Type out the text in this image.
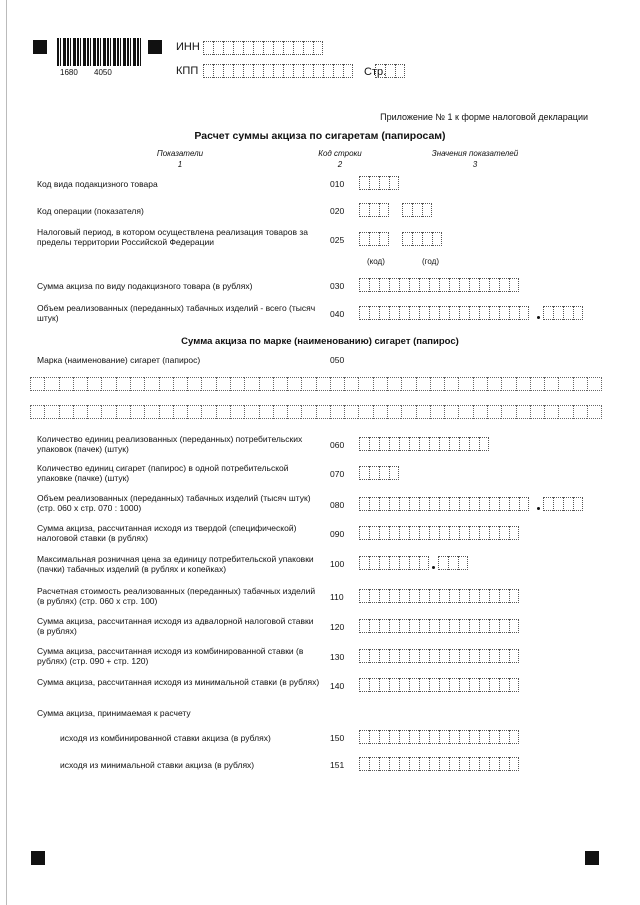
1680 4050
ИНН
КПП	Стр.
Приложение № 1 к форме налоговой декларации
Расчет суммы акциза по сигаретам (папиросам)
Показатели
1
Код строки
2
Значения показателей
3
Код вида подакцизного товара	010
Код операции (показателя)	020
Налоговый период, в котором осуществлена реализация товаров за пределы территории Российской Федерации	025
(код)	(год)
Сумма акциза по виду подакцизного товара (в рублях)	030
Объем реализованных (переданных) табачных изделий - всего (тысяч штук)	040
Сумма акциза по марке (наименованию) сигарет (папирос)
Марка (наименование) сигарет (папирос)	050
Количество единиц реализованных (переданных) потребительских упаковок (пачек) (штук)	060
Количество единиц сигарет (папирос) в одной потребительской упаковке (пачке) (штук)	070
Объем реализованных (переданных) табачных изделий (тысяч штук) (стр. 060 х стр. 070 : 1000)	080
Сумма акциза, рассчитанная исходя из твердой (специфической) налоговой ставки (в рублях)	090
Максимальная розничная цена за единицу потребительской упаковки (пачки) табачных изделий (в рублях и копейках)	100
Расчетная стоимость реализованных (переданных) табачных изделий (в рублях) (стр. 060 х стр. 100)	110
Сумма акциза, рассчитанная исходя из адвалорной налоговой ставки (в рублях)	120
Сумма акциза, рассчитанная исходя из комбинированной ставки (в рублях) (стр. 090 + стр. 120)	130
Сумма акциза, рассчитанная исходя из минимальной ставки (в рублях)	140
Сумма акциза, принимаемая к расчету
исходя из комбинированной ставки акциза (в рублях)	150
исходя из минимальной ставки акциза (в рублях)	151
